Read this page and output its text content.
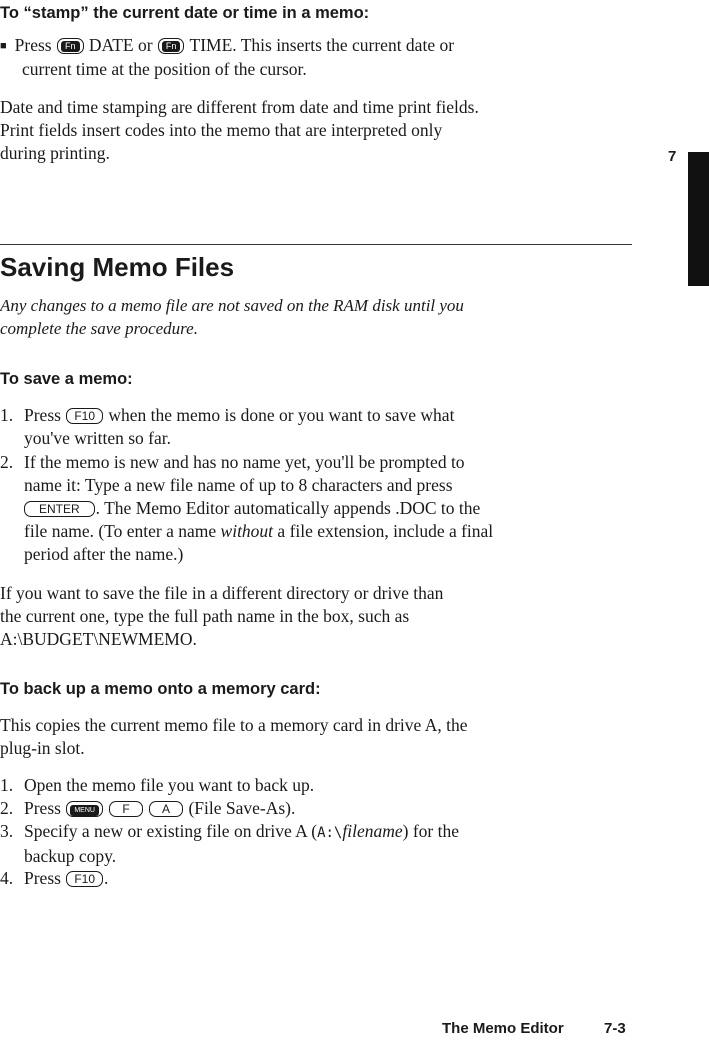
To “stamp” the current date or time in a memo:
■ Press Fn DATE or Fn TIME. This inserts the current date or
current time at the position of the cursor.
Date and time stamping are different from date and time print fields.
Print fields insert codes into the memo that are interpreted only
during printing.	7
Saving Memo Files
Any changes to a memo file are not saved on the RAM disk until you
complete the save procedure.
To save a memo:
1. Press F10 when the memo is done or you want to save what
you've written so far.
2. If the memo is new and has no name yet, you'll be prompted to
name it: Type a new file name of up to 8 characters and press
ENTER . The Memo Editor automatically appends .DOC to the
file name. (To enter a name without a file extension, include a final
period after the name.)
If you want to save the file in a different directory or drive than
the current one, type the full path name in the box, such as
A:\BUDGET\NEWMEMO.
To back up a memo onto a memory card:
This copies the current memo file to a memory card in drive A, the
plug-in slot.
1. Open the memo file you want to back up.
2. Press MENU F	A (File Save-As).
3. Specify a new or existing file on drive A (A:\filename) for the
backup copy.
4. Press F10 .
The Memo Editor	7-3
